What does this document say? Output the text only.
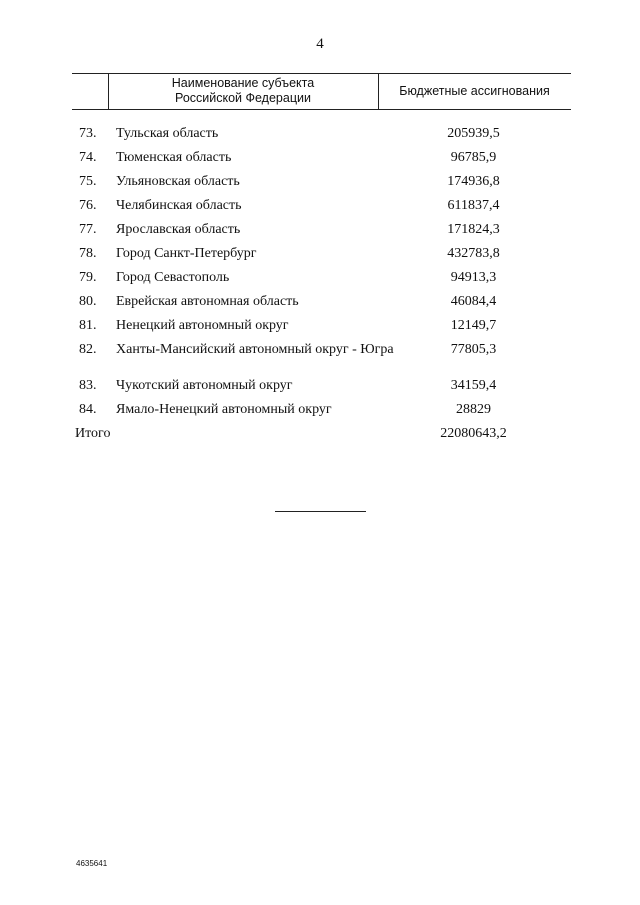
4
Наименование субъекта
Российской Федерации	Бюджетные ассигнования
73. Тульская область	205939,5
74. Тюменская область	96785,9
75. Ульяновская область	174936,8
76. Челябинская область	611837,4
77. Ярославская область	171824,3
78. Город Санкт-Петербург	432783,8
79. Город Севастополь	94913,3
80. Еврейская автономная область	46084,4
81. Ненецкий автономный округ	12149,7
82. Ханты-Мансийский автономный округ - Югра	77805,3
83. Чукотский автономный округ	34159,4
84. Ямало-Ненецкий автономный округ	28829
Итого	22080643,2
4635641
